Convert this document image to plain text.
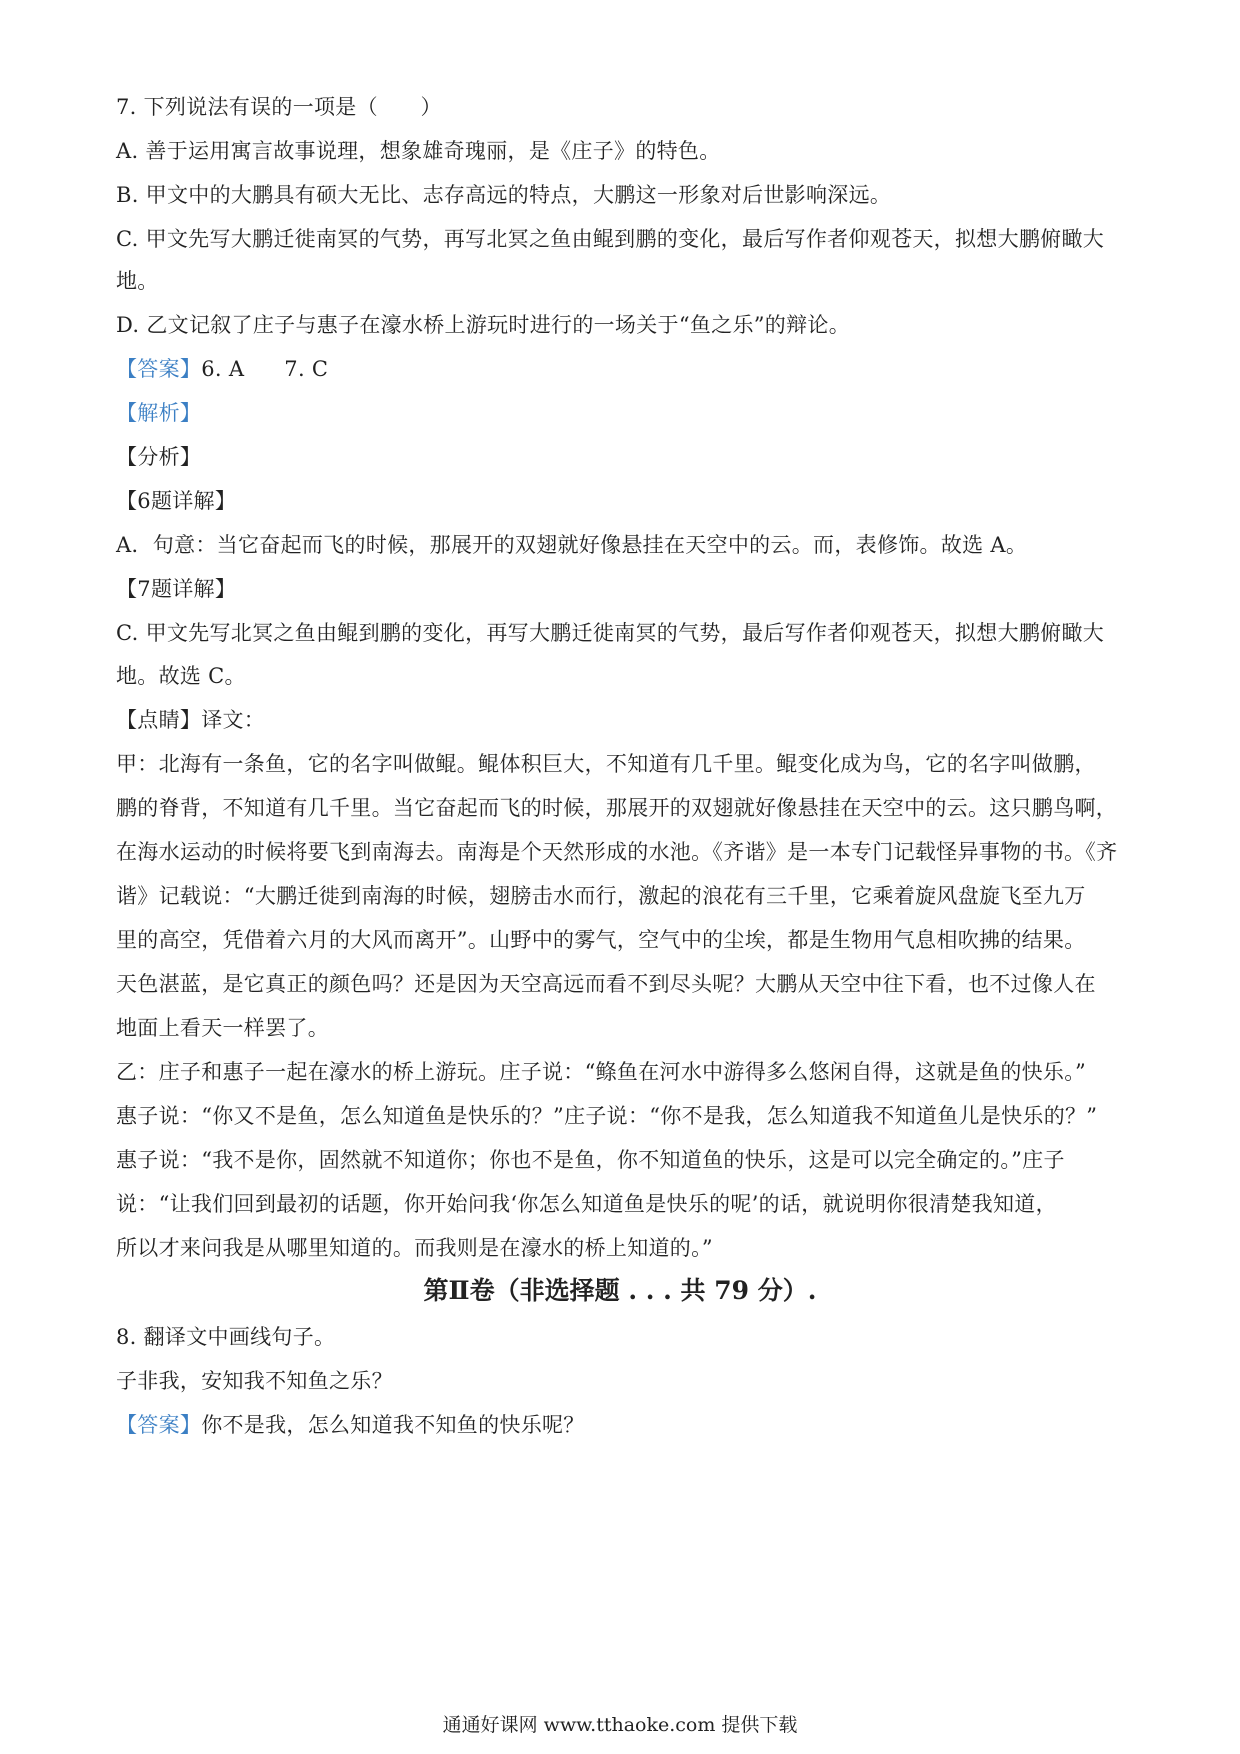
7. 下列说法有误的一项是（　　）
A. 善于运用寓言故事说理，想象雄奇瑰丽，是《庄子》的特色。
B. 甲文中的大鹏具有硕大无比、志存高远的特点，大鹏这一形象对后世影响深远。
C. 甲文先写大鹏迁徙南冥的气势，再写北冥之鱼由鲲到鹏的变化，最后写作者仰观苍天，拟想大鹏俯瞰大
地。
D. 乙文记叙了庄子与惠子在濠水桥上游玩时进行的一场关于“鱼之乐”的辩论。
【答案】6. A 7. C
【解析】
【分析】
【6题详解】
A．句意：当它奋起而飞的时候，那展开的双翅就好像悬挂在天空中的云。而，表修饰。故选 A。
【7题详解】
C. 甲文先写北冥之鱼由鲲到鹏的变化，再写大鹏迁徙南冥的气势，最后写作者仰观苍天，拟想大鹏俯瞰大
地。故选 C。
【点睛】译文：
甲：北海有一条鱼，它的名字叫做鲲。鲲体积巨大，不知道有几千里。鲲变化成为鸟，它的名字叫做鹏，
鹏的脊背，不知道有几千里。当它奋起而飞的时候，那展开的双翅就好像悬挂在天空中的云。这只鹏鸟啊，
在海水运动的时候将要飞到南海去。南海是个天然形成的水池。《齐谐》是一本专门记载怪异事物的书。《齐
谐》记载说：“大鹏迁徙到南海的时候，翅膀击水而行，激起的浪花有三千里，它乘着旋风盘旋飞至九万
里的高空，凭借着六月的大风而离开”。山野中的雾气，空气中的尘埃，都是生物用气息相吹拂的结果。
天色湛蓝，是它真正的颜色吗？还是因为天空高远而看不到尽头呢？大鹏从天空中往下看，也不过像人在
地面上看天一样罢了。
乙：庄子和惠子一起在濠水的桥上游玩。庄子说：“鲦鱼在河水中游得多么悠闲自得，这就是鱼的快乐。”
惠子说：“你又不是鱼，怎么知道鱼是快乐的？”庄子说：“你不是我，怎么知道我不知道鱼儿是快乐的？”
惠子说：“我不是你，固然就不知道你；你也不是鱼，你不知道鱼的快乐，这是可以完全确定的。”庄子
说：“让我们回到最初的话题，你开始问我‘你怎么知道鱼是快乐的呢’的话，就说明你很清楚我知道，
所以才来问我是从哪里知道的。而我则是在濠水的桥上知道的。”
第Ⅱ卷（非选择题 . . . 共 79 分）.
8. 翻译文中画线句子。
子非我，安知我不知鱼之乐？
【答案】你不是我，怎么知道我不知鱼的快乐呢？
通通好课网 www.tthaoke.com 提供下载
